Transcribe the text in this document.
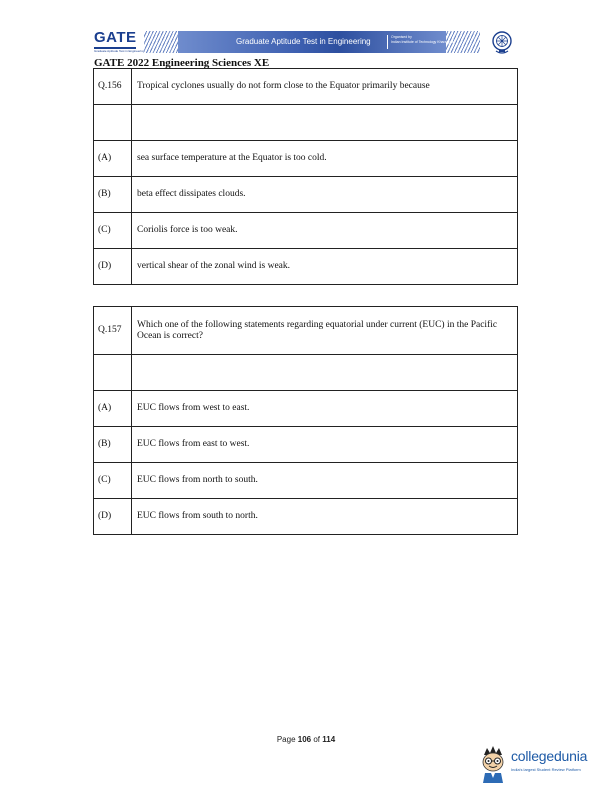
GATE
Graduate Aptitude Test in Engineering
Graduate Aptitude Test in Engineering	Organised by
Indian Institute of Technology Kharagpur
GATE 2022 Engineering Sciences XE
Q.156	Tropical cyclones usually do not form close to the Equator primarily because

(A)	sea surface temperature at the Equator is too cold.
(B)	beta effect dissipates clouds.
(C)	Coriolis force is too weak.
(D)	vertical shear of the zonal wind is weak.
Q.157	Which one of the following statements regarding equatorial under current (EUC) in the Pacific Ocean is correct?

(A)	EUC flows from west to east.
(B)	EUC flows from east to west.
(C)	EUC flows from north to south.
(D)	EUC flows from south to north.
Page 106 of 114
collegedunia
India's largest Student Review Platform
